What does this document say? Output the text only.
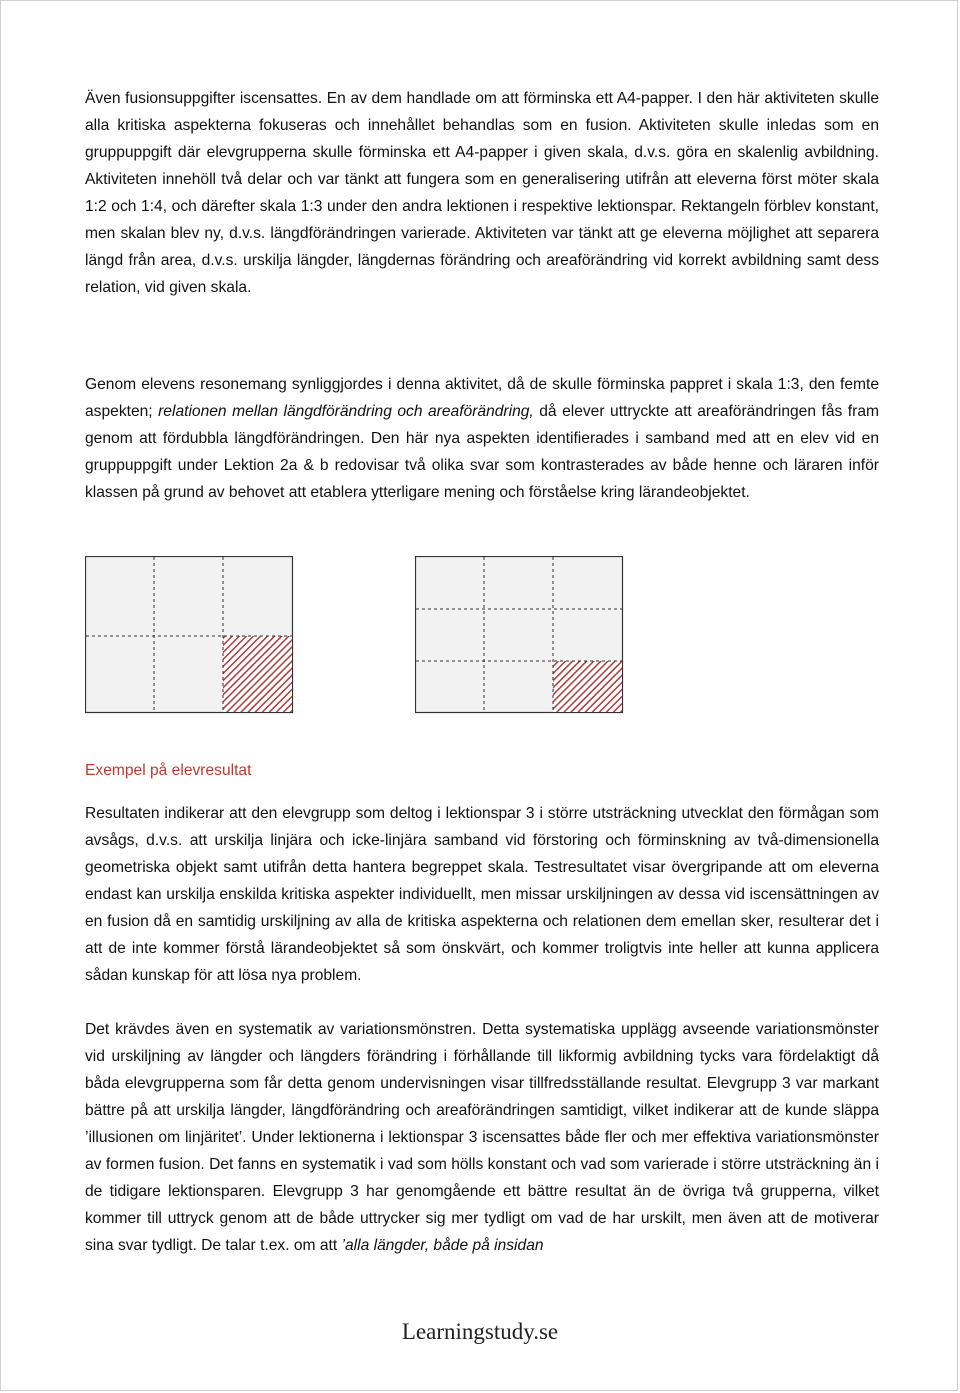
Även fusionsuppgifter iscensattes. En av dem handlade om att förminska ett A4-papper. I den här aktiviteten skulle alla kritiska aspekterna fokuseras och innehållet behandlas som en fusion. Aktiviteten skulle inledas som en gruppuppgift där elevgrupperna skulle förminska ett A4-papper i given skala, d.v.s. göra en skalenlig avbildning. Aktiviteten innehöll två delar och var tänkt att fungera som en generalisering utifrån att eleverna först möter skala 1:2 och 1:4, och därefter skala 1:3 under den andra lektionen i respektive lektionspar. Rektangeln förblev konstant, men skalan blev ny, d.v.s. längdförändringen varierade. Aktiviteten var tänkt att ge eleverna möjlighet att separera längd från area, d.v.s. urskilja längder, längdernas förändring och areaförändring vid korrekt avbildning samt dess relation, vid given skala.

Genom elevens resonemang synliggjordes i denna aktivitet, då de skulle förminska pappret i skala 1:3, den femte aspekten; relationen mellan längdförändring och areaförändring, då elever uttryckte att areaförändringen fås fram genom att fördubbla längdförändringen. Den här nya aspekten identifierades i samband med att en elev vid en gruppuppgift under Lektion 2a & b redovisar två olika svar som kontrasterades av både henne och läraren inför klassen på grund av behovet att etablera ytterligare mening och förståelse kring lärandeobjektet.

Exempel på elevresultat

Resultaten indikerar att den elevgrupp som deltog i lektionspar 3 i större utsträckning utvecklat den förmågan som avsågs, d.v.s. att urskilja linjära och icke-linjära samband vid förstoring och förminskning av två-dimensionella geometriska objekt samt utifrån detta hantera begreppet skala. Testresultatet visar övergripande att om eleverna endast kan urskilja enskilda kritiska aspekter individuellt, men missar urskiljningen av dessa vid iscensättningen av en fusion då en samtidig urskiljning av alla de kritiska aspekterna och relationen dem emellan sker, resulterar det i att de inte kommer förstå lärandeobjektet så som önskvärt, och kommer troligtvis inte heller att kunna applicera sådan kunskap för att lösa nya problem.

Det krävdes även en systematik av variationsmönstren. Detta systematiska upplägg avseende variationsmönster vid urskiljning av längder och längders förändring i förhållande till likformig avbildning tycks vara fördelaktigt då båda elevgrupperna som får detta genom undervisningen visar tillfredsställande resultat. Elevgrupp 3 var markant bättre på att urskilja längder, längdförändring och areaförändringen samtidigt, vilket indikerar att de kunde släppa ’illusionen om linjäritet’. Under lektionerna i lektionspar 3 iscensattes både fler och mer effektiva variationsmönster av formen fusion. Det fanns en systematik i vad som hölls konstant och vad som varierade i större utsträckning än i de tidigare lektionsparen. Elevgrupp 3 har genomgående ett bättre resultat än de övriga två grupperna, vilket kommer till uttryck genom att de både uttrycker sig mer tydligt om vad de har urskilt, men även att de motiverar sina svar tydligt. De talar t.ex. om att ’alla längder, både på insidan

Learningstudy.se
